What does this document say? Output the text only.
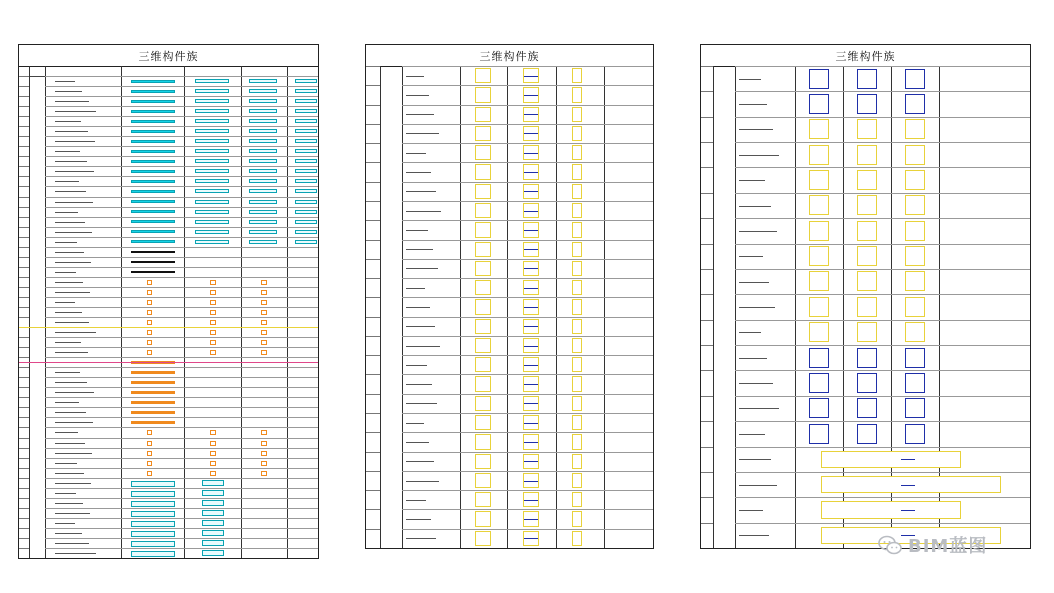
三维构件族	三维构件族	三维构件族
BIM蓝图
